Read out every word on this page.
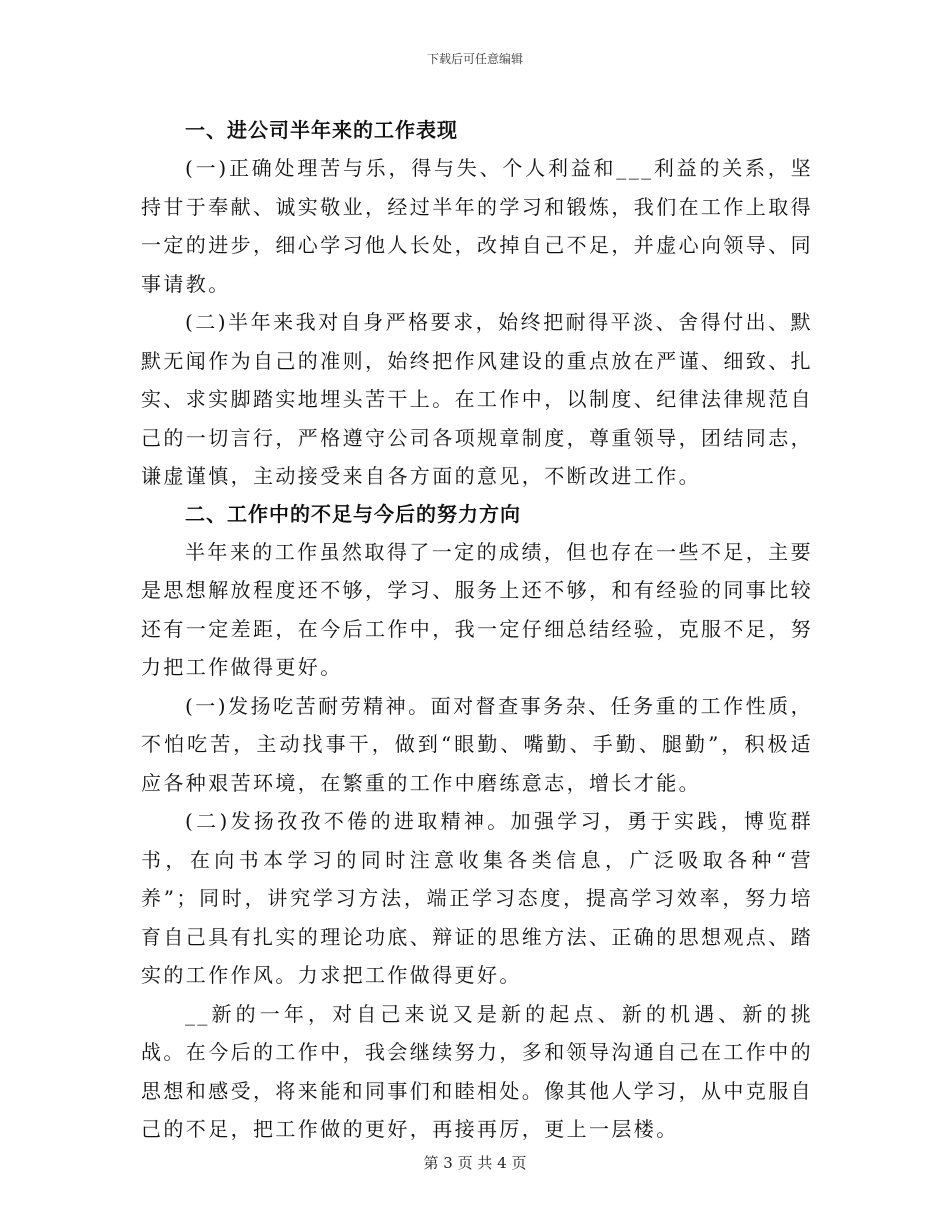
下载后可任意编辑
一、进公司半年来的工作表现

(一)正确处理苦与乐，得与失、个人利益和___利益的关系，坚持甘于奉献、诚实敬业，经过半年的学习和锻炼，我们在工作上取得一定的进步，细心学习他人长处，改掉自己不足，并虚心向领导、同事请教。

(二)半年来我对自身严格要求，始终把耐得平淡、舍得付出、默默无闻作为自己的准则，始终把作风建设的重点放在严谨、细致、扎实、求实脚踏实地埋头苦干上。在工作中，以制度、纪律法律规范自己的一切言行，严格遵守公司各项规章制度，尊重领导，团结同志，谦虚谨慎，主动接受来自各方面的意见，不断改进工作。

二、工作中的不足与今后的努力方向

半年来的工作虽然取得了一定的成绩，但也存在一些不足，主要是思想解放程度还不够，学习、服务上还不够，和有经验的同事比较还有一定差距，在今后工作中，我一定仔细总结经验，克服不足，努力把工作做得更好。

(一)发扬吃苦耐劳精神。面对督查事务杂、任务重的工作性质，不怕吃苦，主动找事干，做到“眼勤、嘴勤、手勤、腿勤”，积极适应各种艰苦环境，在繁重的工作中磨练意志，增长才能。

(二)发扬孜孜不倦的进取精神。加强学习，勇于实践，博览群书，在向书本学习的同时注意收集各类信息，广泛吸取各种“营养”；同时，讲究学习方法，端正学习态度，提高学习效率，努力培育自己具有扎实的理论功底、辩证的思维方法、正确的思想观点、踏实的工作作风。力求把工作做得更好。

__新的一年，对自己来说又是新的起点、新的机遇、新的挑战。在今后的工作中，我会继续努力，多和领导沟通自己在工作中的思想和感受，将来能和同事们和睦相处。像其他人学习，从中克服自己的不足，把工作做的更好，再接再厉，更上一层楼。

第 3 页 共 4 页
